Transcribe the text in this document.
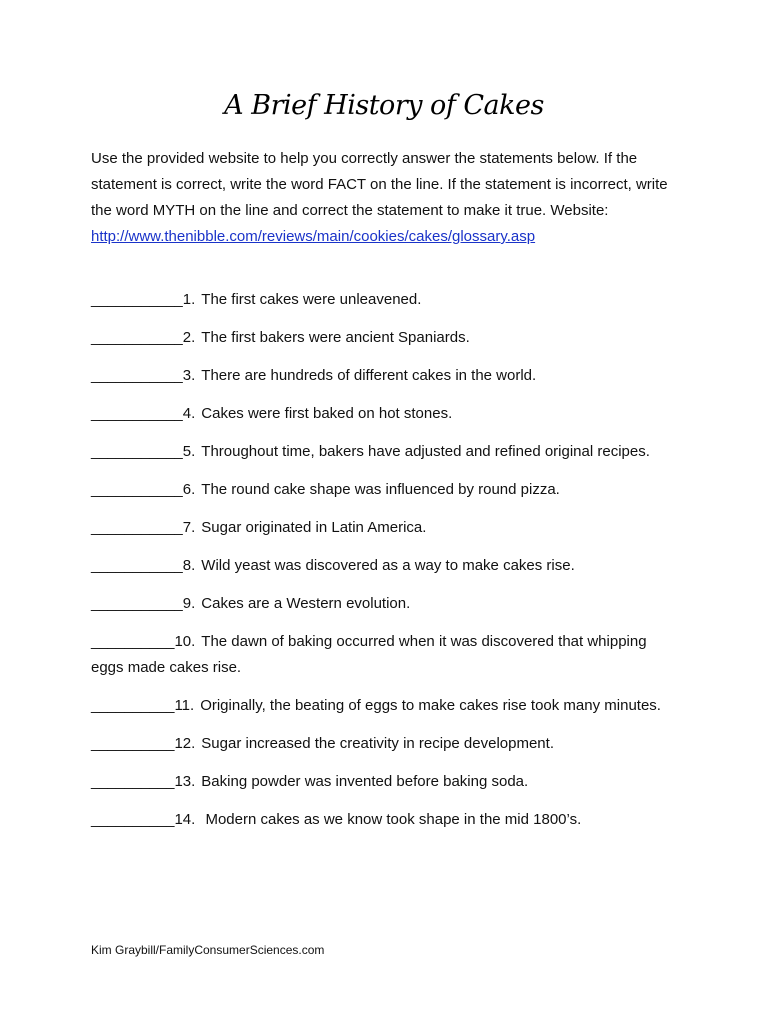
A Brief History of Cakes

Use the provided website to help you correctly answer the statements below. If the statement is correct, write the word FACT on the line. If the statement is incorrect, write the word MYTH on the line and correct the statement to make it true. Website:
http://www.thenibble.com/reviews/main/cookies/cakes/glossary.asp

___________1. The first cakes were unleavened.
___________2. The first bakers were ancient Spaniards.
___________3. There are hundreds of different cakes in the world.
___________4. Cakes were first baked on hot stones.
___________5. Throughout time, bakers have adjusted and refined original recipes.
___________6. The round cake shape was influenced by round pizza.
___________7. Sugar originated in Latin America.
___________8. Wild yeast was discovered as a way to make cakes rise.
___________9. Cakes are a Western evolution.
__________10. The dawn of baking occurred when it was discovered that whipping eggs made cakes rise.
__________11. Originally, the beating of eggs to make cakes rise took many minutes.
__________12. Sugar increased the creativity in recipe development.
__________13. Baking powder was invented before baking soda.
__________14. Modern cakes as we know took shape in the mid 1800’s.

Kim Graybill/FamilyConsumerSciences.com
